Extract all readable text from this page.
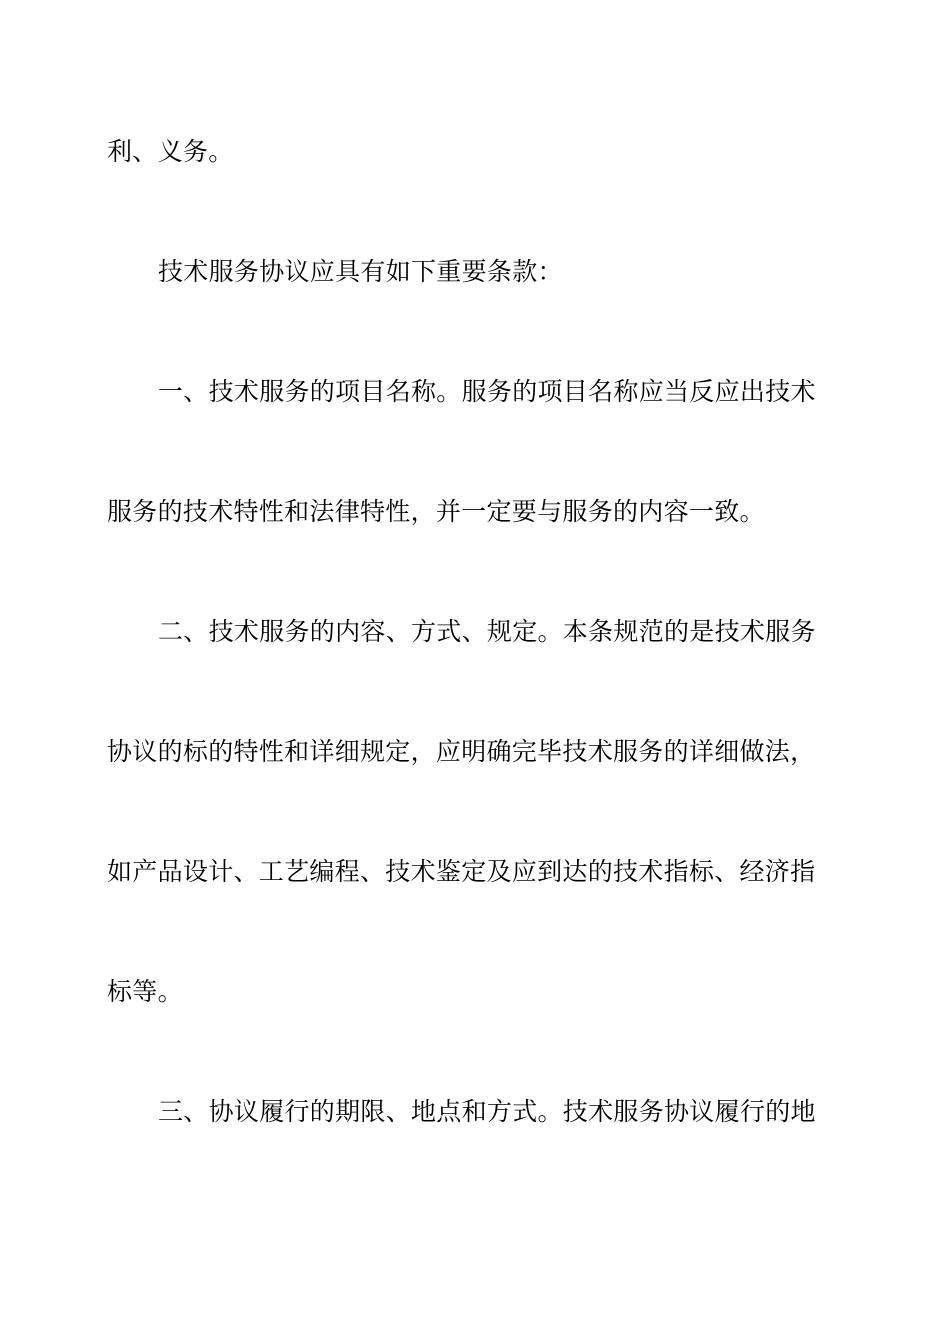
利、义务。
技术服务协议应具有如下重要条款：
一、技术服务的项目名称。服务的项目名称应当反应出技术
服务的技术特性和法律特性，并一定要与服务的内容一致。
二、技术服务的内容、方式、规定。本条规范的是技术服务
协议的标的特性和详细规定，应明确完毕技术服务的详细做法，
如产品设计、工艺编程、技术鉴定及应到达的技术指标、经济指
标等。
三、协议履行的期限、地点和方式。技术服务协议履行的地
